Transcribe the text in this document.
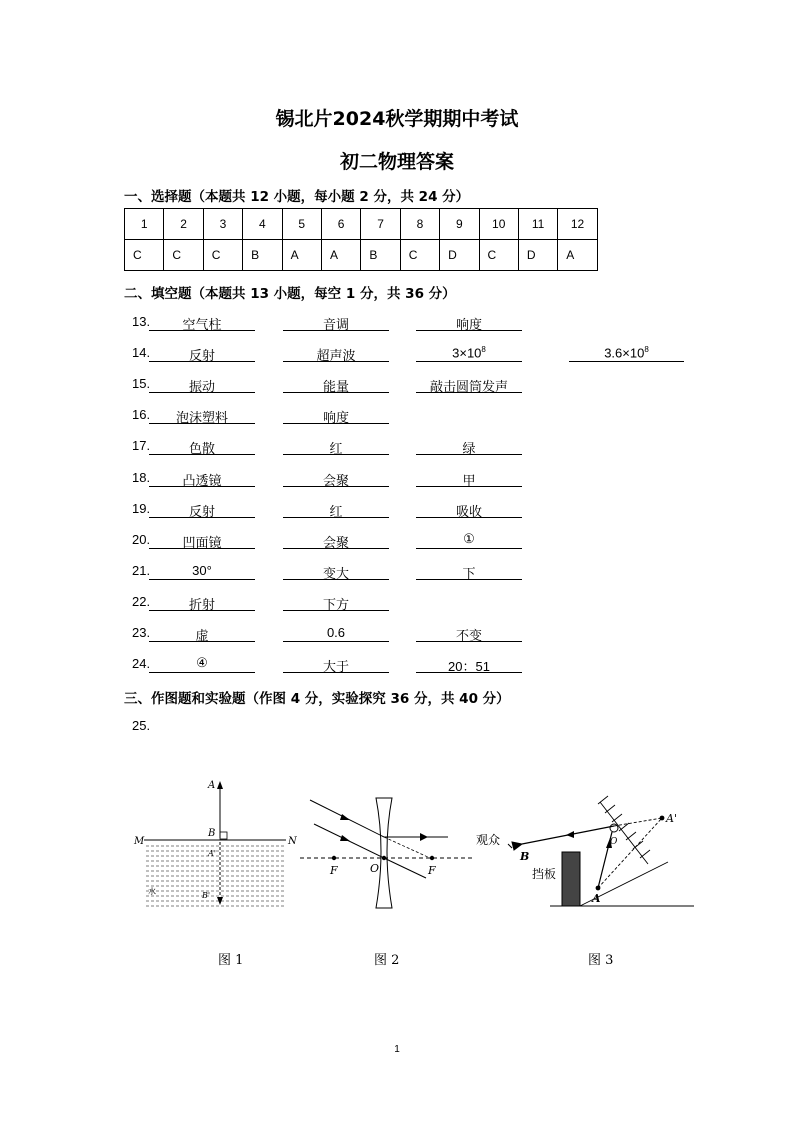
锡北片2024秋学期期中考试
初二物理答案
一、选择题（本题共 12 小题，每小题 2 分，共 24 分）
1	2	3	4	5	6	7	8	9	10	11	12
C	C	C	B	A	A	B	C	D	C	D	A
二、填空题（本题共 13 小题，每空 1 分，共 36 分）
13.	空气柱	音调	响度
14.	反射	超声波	$3\times 10^8$	$3.6\times 10^8$
15.	振动	能量	敲击圆筒发声
16.	泡沫塑料	响度
17.	色散	红	绿
18.	凸透镜	会聚	甲
19.	反射	红	吸收
20.	凹面镜	会聚	①
21.	30°	变大	下
22.	折射	下方
23.	虚	0.6	不变
24.	④	大于	20：51
三、作图题和实验题（作图 4 分，实验探究 36 分，共 40 分）
25.
A
B
M	N
A'
B'
水
图 1
F	O	F
图 2
观众
B
挡板
A
A'
O
图 3
1
